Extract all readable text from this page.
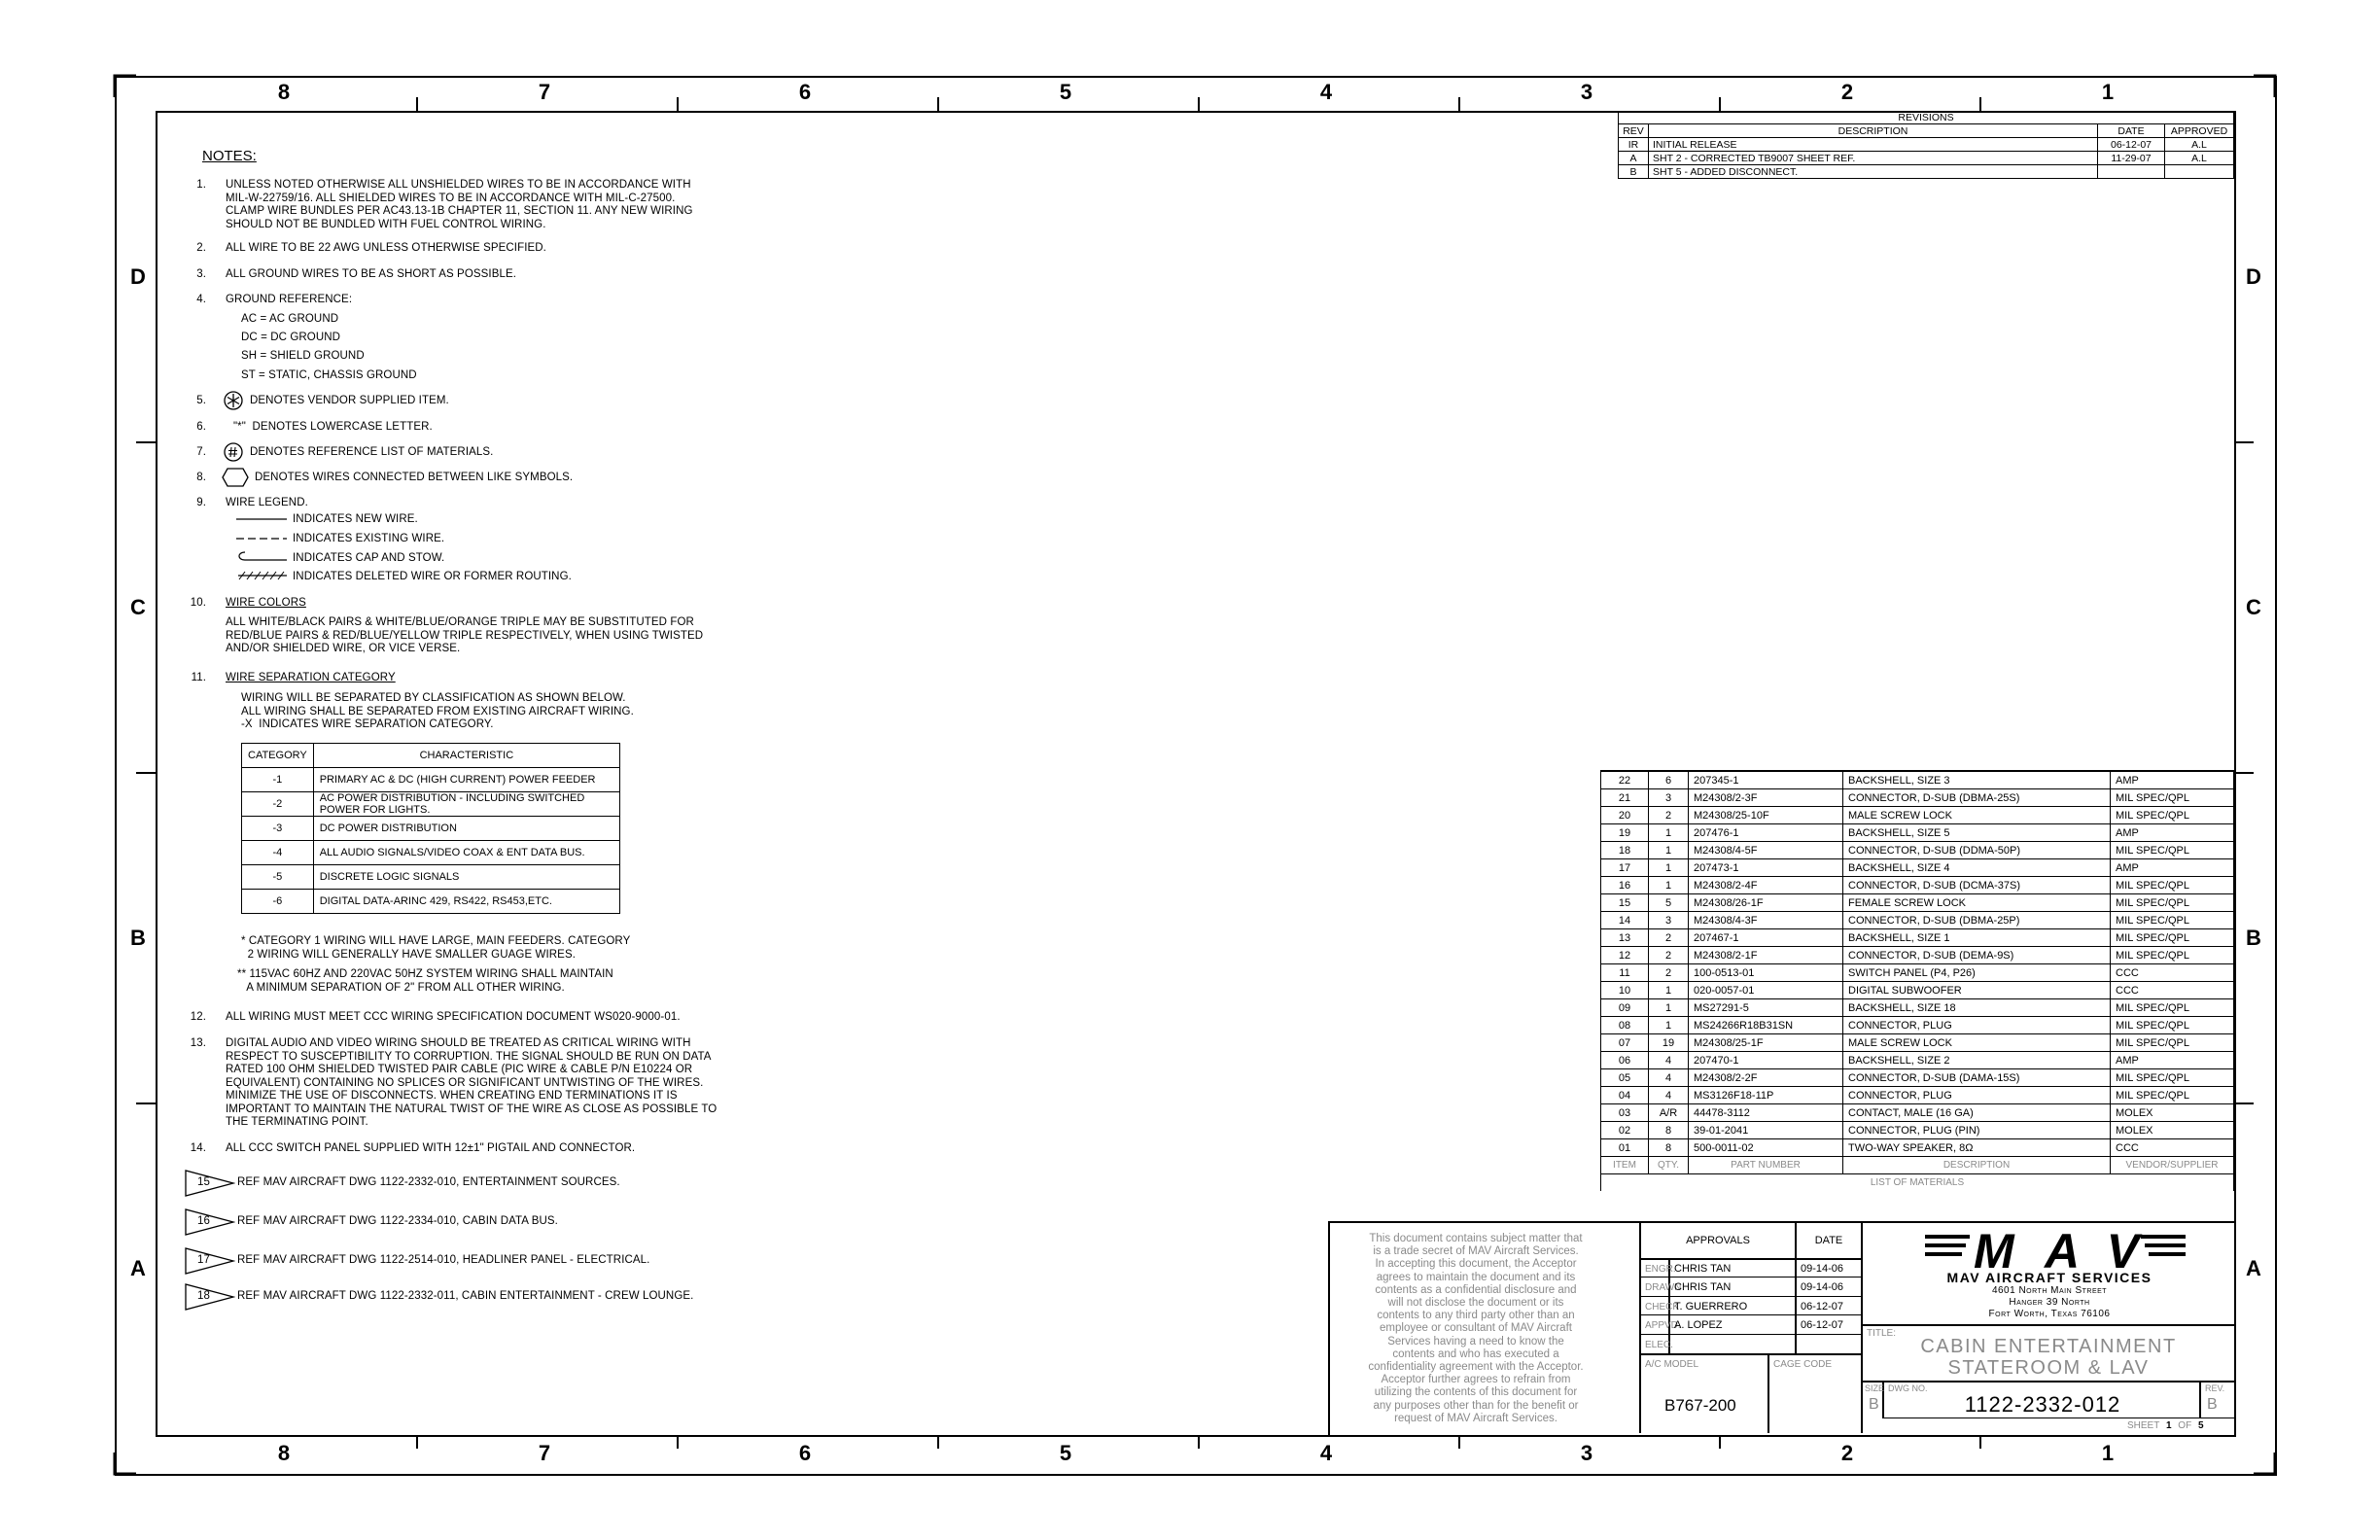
8	7	6	5	4	3	2	1
8	7	6	5	4	3	2	1
D
C
B
A
D
C
B
A
NOTES:

1.

UNLESS NOTED OTHERWISE ALL UNSHIELDED WIRES TO BE IN ACCORDANCE WITH
MIL-W-22759/16. ALL SHIELDED WIRES TO BE IN ACCORDANCE WITH MIL-C-27500.
CLAMP WIRE BUNDLES PER AC43.13-1B CHAPTER 11, SECTION 11. ANY NEW WIRING
SHOULD NOT BE BUNDLED WITH FUEL CONTROL WIRING.

2.

ALL WIRE TO BE 22 AWG UNLESS OTHERWISE SPECIFIED.

3.

ALL GROUND WIRES TO BE AS SHORT AS POSSIBLE.

4.

GROUND REFERENCE:

AC = AC GROUND

DC = DC GROUND

SH = SHIELD GROUND

ST = STATIC, CHASSIS GROUND

5.

	DENOTES VENDOR SUPPLIED ITEM.

6.

"*"  DENOTES LOWERCASE LETTER.

7.

	DENOTES REFERENCE LIST OF MATERIALS.

8.

	DENOTES WIRES CONNECTED BETWEEN LIKE SYMBOLS.

9.

WIRE LEGEND.

INDICATES NEW WIRE.

INDICATES EXISTING WIRE.

INDICATES CAP AND STOW.

INDICATES DELETED WIRE OR FORMER ROUTING.

10.

WIRE COLORS

ALL WHITE/BLACK PAIRS & WHITE/BLUE/ORANGE TRIPLE MAY BE SUBSTITUTED FOR
RED/BLUE PAIRS & RED/BLUE/YELLOW TRIPLE RESPECTIVELY, WHEN USING TWISTED
AND/OR SHIELDED WIRE, OR VICE VERSE.

11.

WIRE SEPARATION CATEGORY

WIRING WILL BE SEPARATED BY CLASSIFICATION AS SHOWN BELOW.
ALL WIRING SHALL BE SEPARATED FROM EXISTING AIRCRAFT WIRING.
-X  INDICATES WIRE SEPARATION CATEGORY.

CATEGORY	CHARACTERISTIC
-1	PRIMARY AC & DC (HIGH CURRENT) POWER FEEDER
-2	AC POWER DISTRIBUTION - INCLUDING SWITCHED
POWER FOR LIGHTS.
-3	DC POWER DISTRIBUTION
-4	ALL AUDIO SIGNALS/VIDEO COAX & ENT DATA BUS.
-5	DISCRETE LOGIC SIGNALS
-6	DIGITAL DATA-ARINC 429, RS422, RS453,ETC.

* CATEGORY 1 WIRING WILL HAVE LARGE, MAIN FEEDERS. CATEGORY
2 WIRING WILL GENERALLY HAVE SMALLER GUAGE WIRES.

** 115VAC 60HZ AND 220VAC 50HZ SYSTEM WIRING SHALL MAINTAIN
A MINIMUM SEPARATION OF 2" FROM ALL OTHER WIRING.

12.

ALL WIRING MUST MEET CCC WIRING SPECIFICATION DOCUMENT WS020-9000-01.

13.

DIGITAL AUDIO AND VIDEO WIRING SHOULD BE TREATED AS CRITICAL WIRING WITH
RESPECT TO SUSCEPTIBILITY TO CORRUPTION. THE SIGNAL SHOULD BE RUN ON DATA
RATED 100 OHM SHIELDED TWISTED PAIR CABLE (PIC WIRE & CABLE P/N E10224 OR
EQUIVALENT) CONTAINING NO SPLICES OR SIGNIFICANT UNTWISTING OF THE WIRES.
MINIMIZE THE USE OF DISCONNECTS. WHEN CREATING END TERMINATIONS IT IS
IMPORTANT TO MAINTAIN THE NATURAL TWIST OF THE WIRE AS CLOSE AS POSSIBLE TO
THE TERMINATING POINT.

14.

ALL CCC SWITCH PANEL SUPPLIED WITH 12±1" PIGTAIL AND CONNECTOR.

15 REF MAV AIRCRAFT DWG 1122-2332-010, ENTERTAINMENT SOURCES.
16 REF MAV AIRCRAFT DWG 1122-2334-010, CABIN DATA BUS.
17 REF MAV AIRCRAFT DWG 1122-2514-010, HEADLINER PANEL - ELECTRICAL.
18 REF MAV AIRCRAFT DWG 1122-2332-011, CABIN ENTERTAINMENT - CREW LOUNGE.
REVISIONS			
REV	DESCRIPTION	DATE	APPROVED
IR	INITIAL RELEASE	06-12-07	A.L
A	SHT 2 - CORRECTED TB9007 SHEET REF.	11-29-07	A.L
B	SHT 5 - ADDED DISCONNECT.		
22	6	207345-1	BACKSHELL, SIZE 3	AMP
21	3	M24308/2-3F	CONNECTOR, D-SUB (DBMA-25S)	MIL SPEC/QPL
20	2	M24308/25-10F	MALE SCREW LOCK	MIL SPEC/QPL
19	1	207476-1	BACKSHELL, SIZE 5	AMP
18	1	M24308/4-5F	CONNECTOR, D-SUB (DDMA-50P)	MIL SPEC/QPL
17	1	207473-1	BACKSHELL, SIZE 4	AMP
16	1	M24308/2-4F	CONNECTOR, D-SUB (DCMA-37S)	MIL SPEC/QPL
15	5	M24308/26-1F	FEMALE SCREW LOCK	MIL SPEC/QPL
14	3	M24308/4-3F	CONNECTOR, D-SUB (DBMA-25P)	MIL SPEC/QPL
13	2	207467-1	BACKSHELL, SIZE 1	MIL SPEC/QPL
12	2	M24308/2-1F	CONNECTOR, D-SUB (DEMA-9S)	MIL SPEC/QPL
11	2	100-0513-01	SWITCH PANEL (P4, P26)	CCC
10	1	020-0057-01	DIGITAL SUBWOOFER	CCC
09	1	MS27291-5	BACKSHELL, SIZE 18	MIL SPEC/QPL
08	1	MS24266R18B31SN	CONNECTOR, PLUG	MIL SPEC/QPL
07	19	M24308/25-1F	MALE SCREW LOCK	MIL SPEC/QPL
06	4	207470-1	BACKSHELL, SIZE 2	AMP
05	4	M24308/2-2F	CONNECTOR, D-SUB (DAMA-15S)	MIL SPEC/QPL
04	4	MS3126F18-11P	CONNECTOR, PLUG	MIL SPEC/QPL
03	A/R	44478-3112	CONTACT, MALE (16 GA)	MOLEX
02	8	39-01-2041	CONNECTOR, PLUG (PIN)	MOLEX
01	8	500-0011-02	TWO-WAY SPEAKER, 8Ω	CCC
ITEM	QTY.	PART NUMBER	DESCRIPTION	VENDOR/SUPPLIER
LIST OF MATERIALS				
This document contains subject matter that
is a trade secret of MAV Aircraft Services.
In accepting this document, the Acceptor
agrees to maintain the document and its
contents as a confidential disclosure and
will not disclose the document or its
contents to any third party other than an
employee or consultant of MAV Aircraft
Services having a need to know the
contents and who has executed a
confidentiality agreement with the Acceptor.
Acceptor further agrees to refrain from
utilizing the contents of this document for
any purposes other than for the benefit or
request of MAV Aircraft Services.
APPROVALS	DATE
ENGR.
CHRIS TAN	09-14-06
DRAWN
CHRIS TAN	09-14-06
CHECK
T. GUERRERO	06-12-07
APPVD.
A. LOPEZ	06-12-07
ELEC.
A/C MODEL
B767-200
CAGE CODE
MAV
MAV AIRCRAFT SERVICES
4601 North Main Street
Hanger 39 North
Fort Worth, Texas 76106
TITLE:
CABIN ENTERTAINMENT
STATEROOM & LAV
SIZE
B
DWG NO.
1122-2332-012
REV.
B
SHEET 1 OF 5
